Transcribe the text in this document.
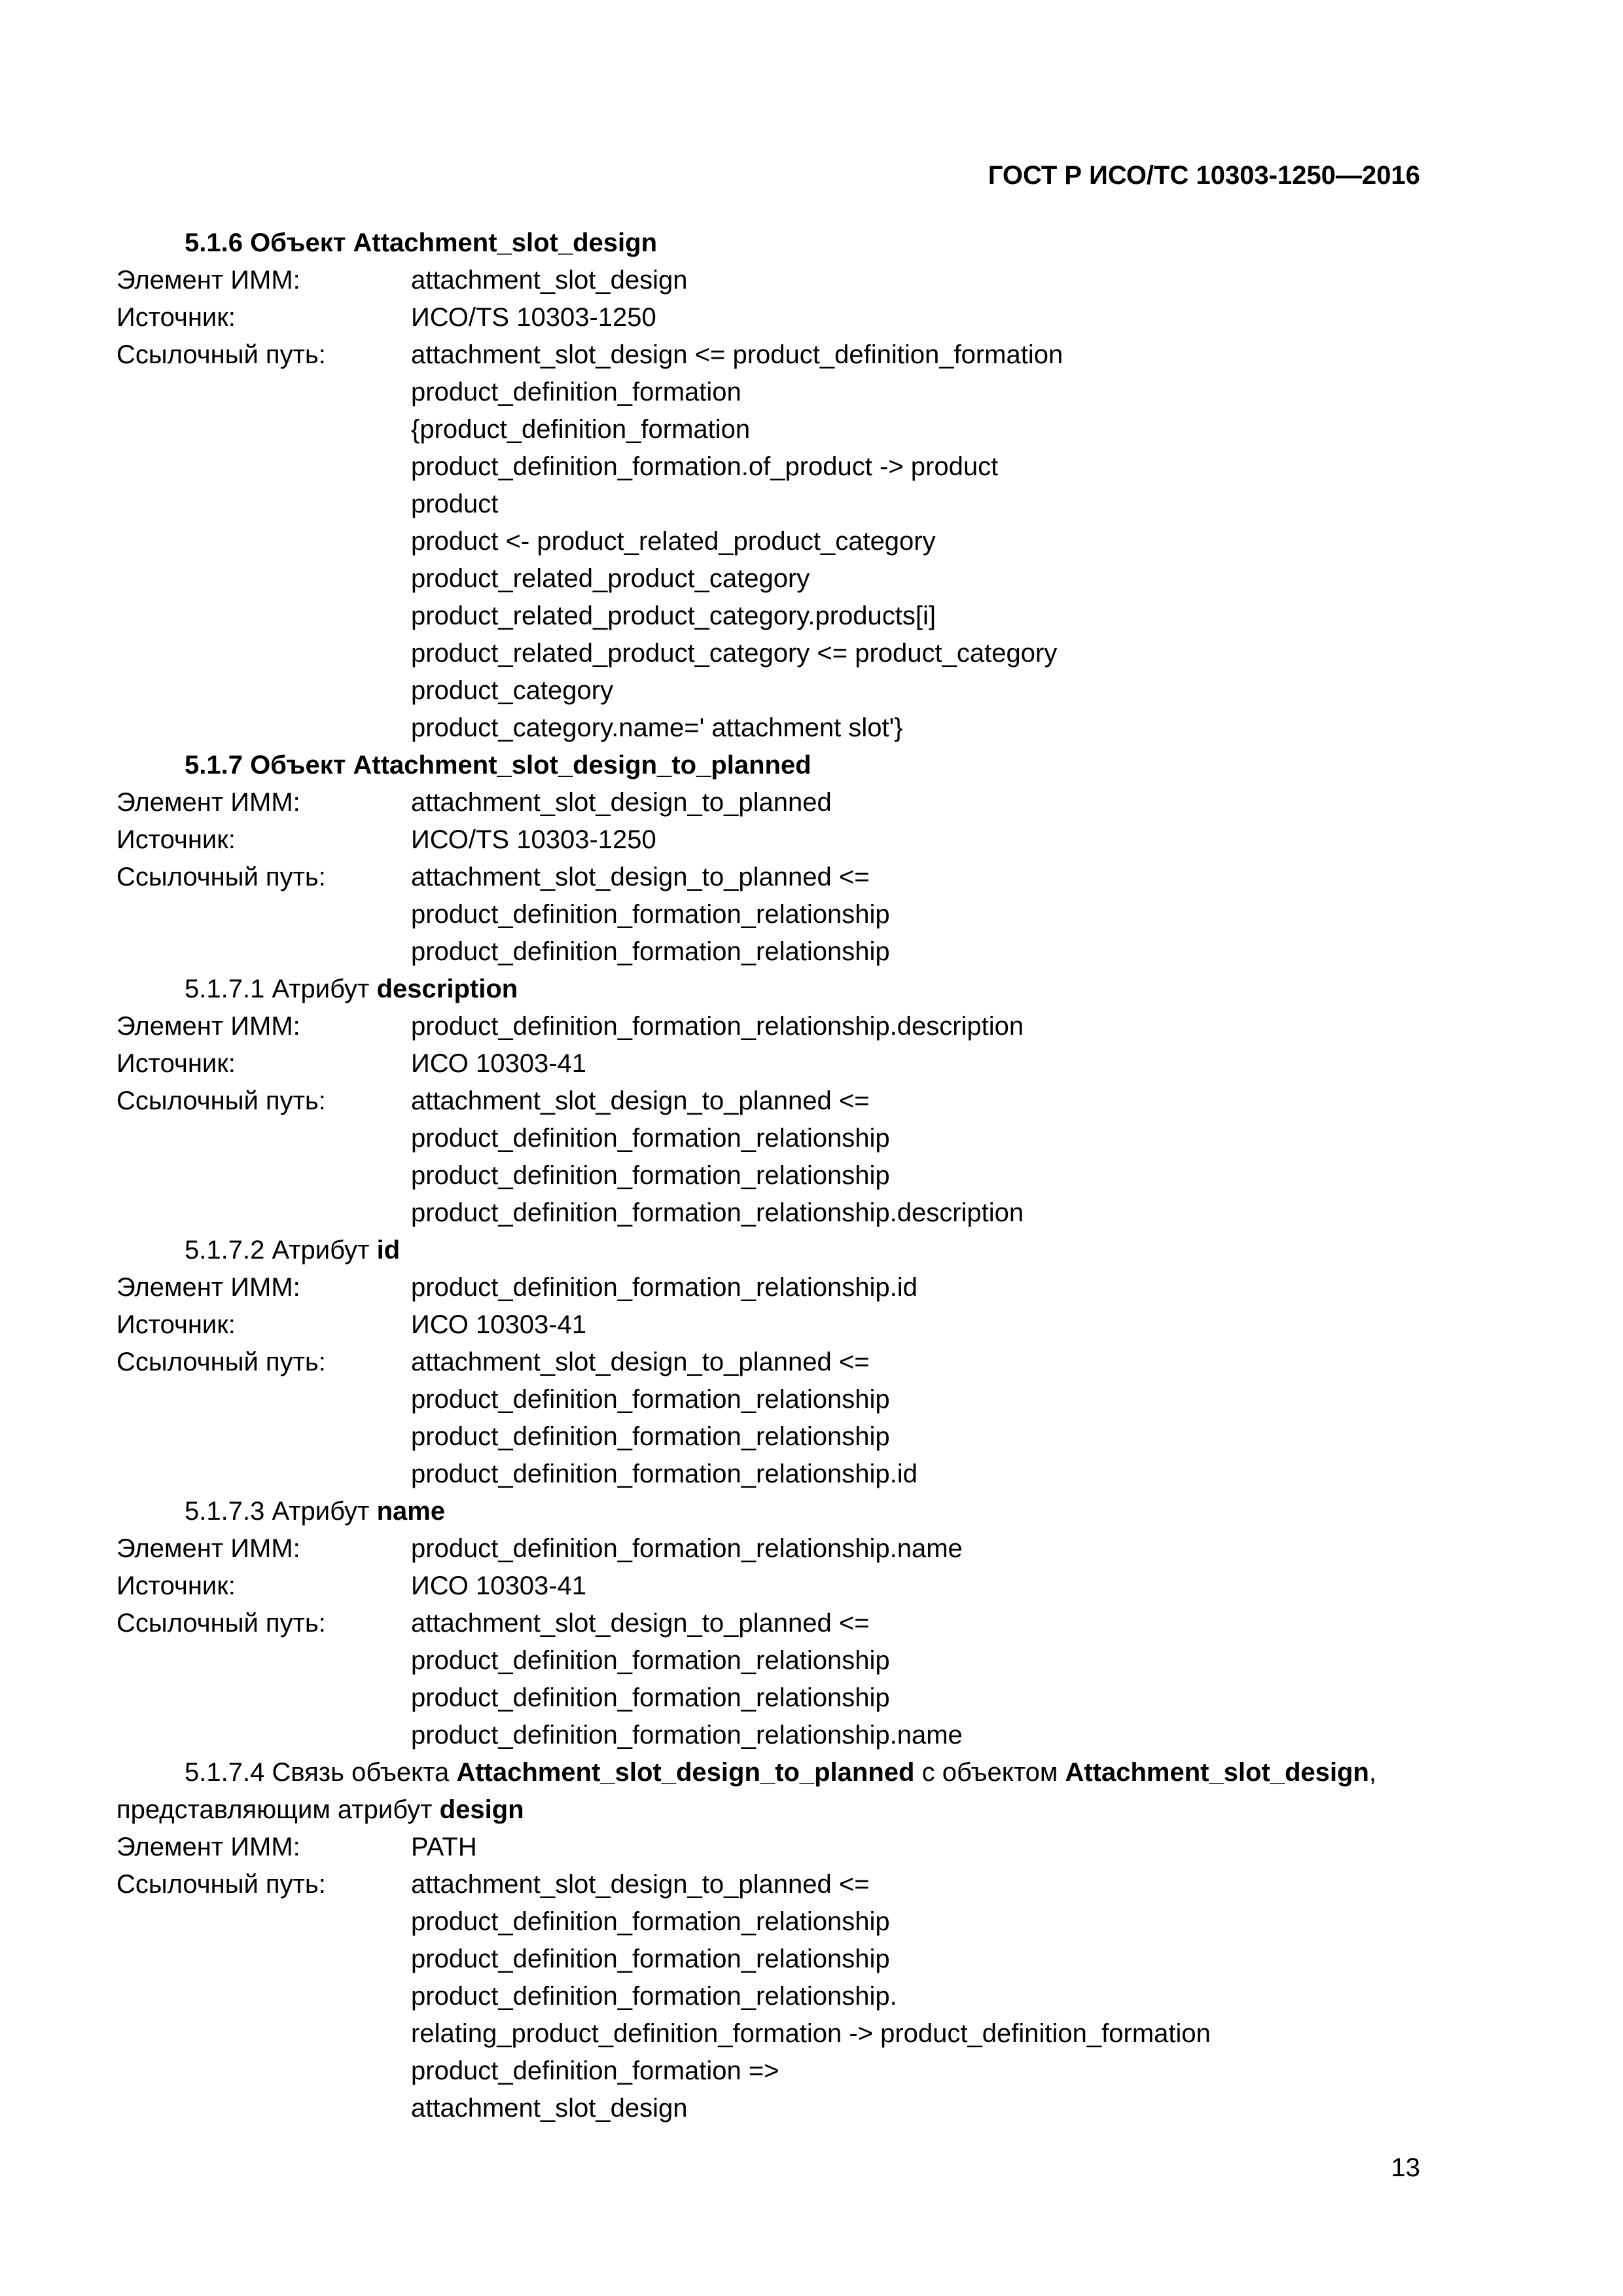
ГОСТ Р ИСО/ТС 10303-1250—2016
5.1.6 Объект Attachment_slot_design
Элемент ИММ:	attachment_slot_design
Источник:	ИСО/TS 10303-1250
Ссылочный путь:	attachment_slot_design <= product_definition_formation
product_definition_formation
{product_definition_formation
product_definition_formation.of_product -> product
product
product <- product_related_product_category
product_related_product_category
product_related_product_category.products[i]
product_related_product_category <= product_category
product_category
product_category.name=' attachment slot'}
5.1.7 Объект Attachment_slot_design_to_planned
Элемент ИММ:	attachment_slot_design_to_planned
Источник:	ИСО/TS 10303-1250
Ссылочный путь:	attachment_slot_design_to_planned <=
product_definition_formation_relationship
product_definition_formation_relationship
5.1.7.1 Атрибут description
Элемент ИММ:	product_definition_formation_relationship.description
Источник:	ИСО 10303-41
Ссылочный путь:	attachment_slot_design_to_planned <=
product_definition_formation_relationship
product_definition_formation_relationship
product_definition_formation_relationship.description
5.1.7.2 Атрибут id
Элемент ИММ:	product_definition_formation_relationship.id
Источник:	ИСО 10303-41
Ссылочный путь:	attachment_slot_design_to_planned <=
product_definition_formation_relationship
product_definition_formation_relationship
product_definition_formation_relationship.id
5.1.7.3 Атрибут name
Элемент ИММ:	product_definition_formation_relationship.name
Источник:	ИСО 10303-41
Ссылочный путь:	attachment_slot_design_to_planned <=
product_definition_formation_relationship
product_definition_formation_relationship
product_definition_formation_relationship.name
5.1.7.4 Связь объекта Attachment_slot_design_to_planned с объектом Attachment_slot_design, представляющим атрибут design
Элемент ИММ:	PATH
Ссылочный путь:	attachment_slot_design_to_planned <=
product_definition_formation_relationship
product_definition_formation_relationship
product_definition_formation_relationship.
relating_product_definition_formation -> product_definition_formation
product_definition_formation =>
attachment_slot_design
13
